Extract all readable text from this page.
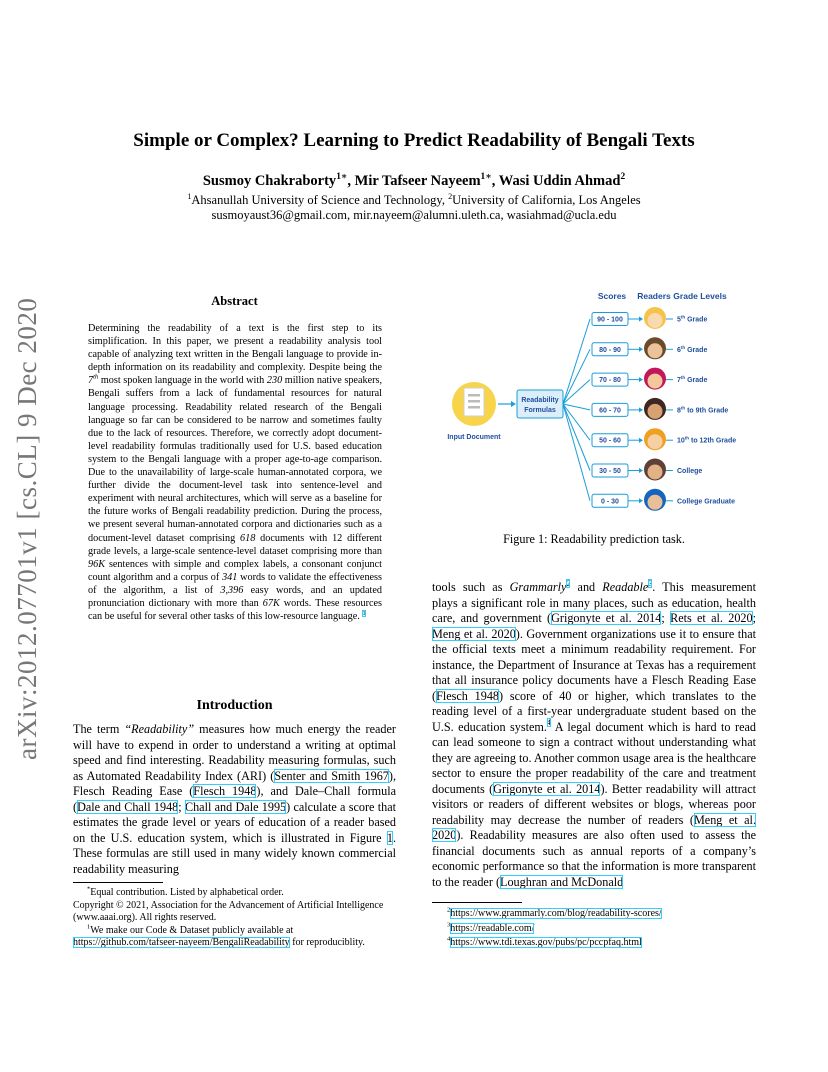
arXiv:2012.07701v1 [cs.CL] 9 Dec 2020
Simple or Complex? Learning to Predict Readability of Bengali Texts
Susmoy Chakraborty$^{1∗}$, Mir Tafseer Nayeem$^{1∗}$, Wasi Uddin Ahmad$^2$
$^1$Ahsanullah University of Science and Technology, $^2$University of California, Los Angeles
susmoyaust36@gmail.com, mir.nayeem@alumni.uleth.ca, wasiahmad@ucla.edu
Abstract
Determining the readability of a text is the first step to its simplification. In this paper, we present a readability analysis tool capable of analyzing text written in the Bengali language to provide in-depth information on its readability and complexity. Despite being the 7th most spoken language in the world with 230 million native speakers, Bengali suffers from a lack of fundamental resources for natural language processing. Readability related research of the Bengali language so far can be considered to be narrow and sometimes faulty due to the lack of resources. Therefore, we correctly adopt document-level readability formulas traditionally used for U.S. based education system to the Bengali language with a proper age-to-age comparison. Due to the unavailability of large-scale human-annotated corpora, we further divide the document-level task into sentence-level and experiment with neural architectures, which will serve as a baseline for the future works of Bengali readability prediction. During the process, we present several human-annotated corpora and dictionaries such as a document-level dataset comprising 618 documents with 12 different grade levels, a large-scale sentence-level dataset comprising more than 96K sentences with simple and complex labels, a consonant conjunct count algorithm and a corpus of 341 words to validate the effectiveness of the algorithm, a list of 3,396 easy words, and an updated pronunciation dictionary with more than 67K words. These resources can be useful for several other tasks of this low-resource language. $^1$
Introduction
The term “Readability” measures how much energy the reader will have to expend in order to understand a writing at optimal speed and find interesting. Readability measuring formulas, such as Automated Readability Index (ARI) (Senter and Smith 1967), Flesch Reading Ease (Flesch 1948), and Dale–Chall formula (Dale and Chall 1948; Chall and Dale 1995) calculate a score that estimates the grade level or years of education of a reader based on the U.S. education system, which is illustrated in Figure 1. These formulas are still used in many widely known commercial readability measuring
*Equal contribution. Listed by alphabetical order.
Copyright © 2021, Association for the Advancement of Artificial Intelligence (www.aaai.org). All rights reserved.
$^1$We make our Code & Dataset publicly available at https://github.com/tafseer-nayeem/BengaliReadability for reproduciblity.
Scores Readers Grade Levels
Input Document
Readability
Formulas
90 - 100	5th Grade
80 - 90	6th Grade
70 - 80	7th Grade
60 - 70	8th to 9th Grade
50 - 60	10th to 12th Grade
30 - 50	College
0 - 30	College Graduate
Figure 1: Readability prediction task.
tools such as Grammarly$^2$ and Readable$^3$. This measurement plays a significant role in many places, such as education, health care, and government (Grigonyte et al. 2014; Rets et al. 2020; Meng et al. 2020). Government organizations use it to ensure that the official texts meet a minimum readability requirement. For instance, the Department of Insurance at Texas has a requirement that all insurance policy documents have a Flesch Reading Ease (Flesch 1948) score of 40 or higher, which translates to the reading level of a first-year undergraduate student based on the U.S. education system.$^4$ A legal document which is hard to read can lead someone to sign a contract without understanding what they are agreeing to. Another common usage area is the healthcare sector to ensure the proper readability of the care and treatment documents (Grigonyte et al. 2014). Better readability will attract visitors or readers of different websites or blogs, whereas poor readability may decrease the number of readers (Meng et al. 2020). Readability measures are also often used to assess the financial documents such as annual reports of a company’s economic performance so that the information is more transparent to the reader (Loughran and McDonald
$^2$https://www.grammarly.com/blog/readability-scores/
$^3$https://readable.com/
$^4$https://www.tdi.texas.gov/pubs/pc/pccpfaq.html
